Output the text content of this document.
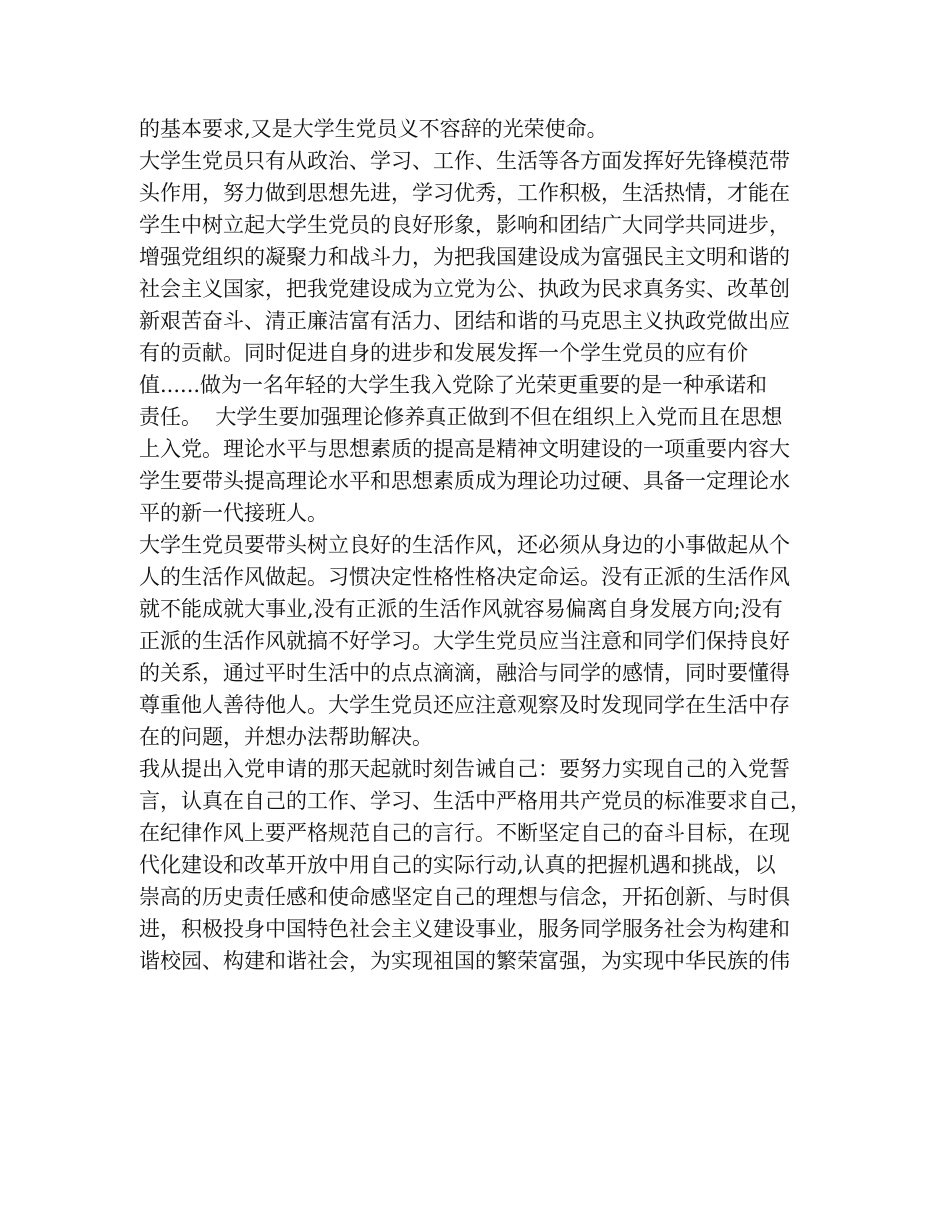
的基本要求,又是大学生党员义不容辞的光荣使命。
大学生党员只有从政治、学习、工作、生活等各方面发挥好先锋模范带
头作用，努力做到思想先进，学习优秀，工作积极，生活热情，才能在
学生中树立起大学生党员的良好形象，影响和团结广大同学共同进步，
增强党组织的凝聚力和战斗力，为把我国建设成为富强民主文明和谐的
社会主义国家，把我党建设成为立党为公、执政为民求真务实、改革创
新艰苦奋斗、清正廉洁富有活力、团结和谐的马克思主义执政党做出应
有的贡献。同时促进自身的进步和发展发挥一个学生党员的应有价
值......做为一名年轻的大学生我入党除了光荣更重要的是一种承诺和
责任。  大学生要加强理论修养真正做到不但在组织上入党而且在思想
上入党。理论水平与思想素质的提高是精神文明建设的一项重要内容大
学生要带头提高理论水平和思想素质成为理论功过硬、具备一定理论水
平的新一代接班人。
大学生党员要带头树立良好的生活作风，还必须从身边的小事做起从个
人的生活作风做起。习惯决定性格性格决定命运。没有正派的生活作风
就不能成就大事业,没有正派的生活作风就容易偏离自身发展方向;没有
正派的生活作风就搞不好学习。大学生党员应当注意和同学们保持良好
的关系，通过平时生活中的点点滴滴，融洽与同学的感情，同时要懂得
尊重他人善待他人。大学生党员还应注意观察及时发现同学在生活中存
在的问题，并想办法帮助解决。
我从提出入党申请的那天起就时刻告诫自己：要努力实现自己的入党誓
言，认真在自己的工作、学习、生活中严格用共产党员的标准要求自己，
在纪律作风上要严格规范自己的言行。不断坚定自己的奋斗目标，在现
代化建设和改革开放中用自己的实际行动,认真的把握机遇和挑战，以
崇高的历史责任感和使命感坚定自己的理想与信念，开拓创新、与时俱
进，积极投身中国特色社会主义建设事业，服务同学服务社会为构建和
谐校园、构建和谐社会，为实现祖国的繁荣富强，为实现中华民族的伟
